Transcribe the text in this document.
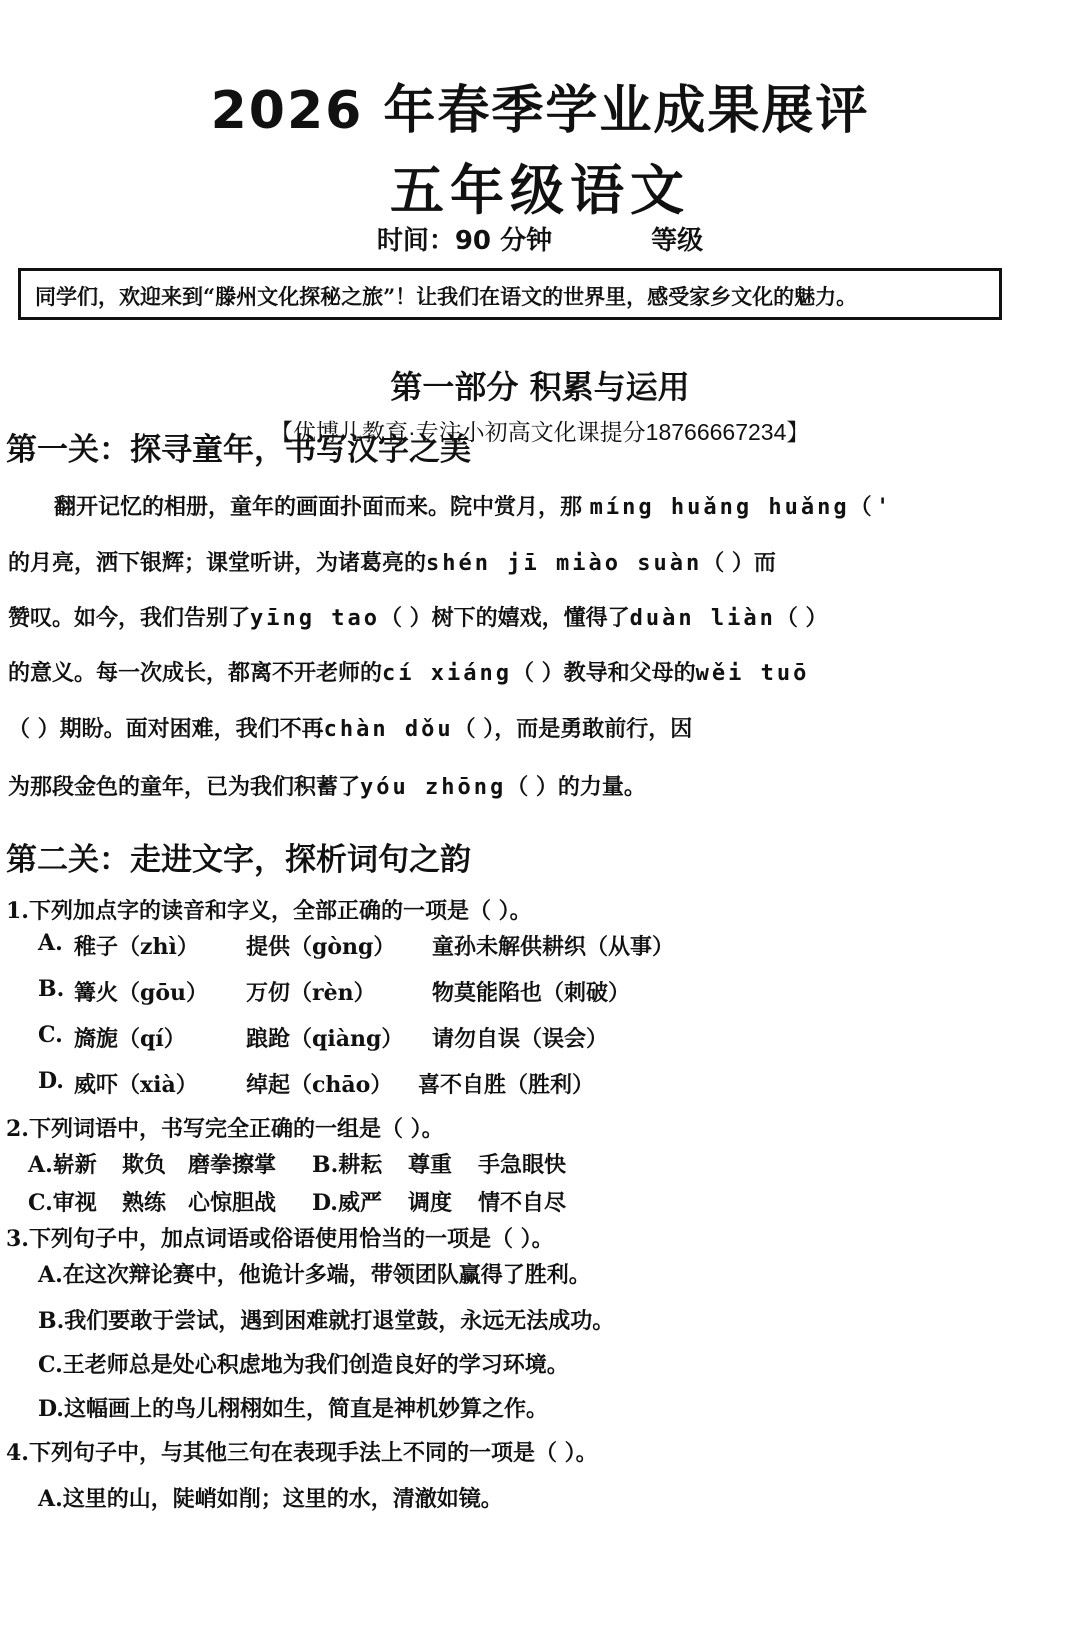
2026 年春季学业成果展评
五年级语文
时间：90 分钟	等级
同学们，欢迎来到“滕州文化探秘之旅”！让我们在语文的世界里，感受家乡文化的魅力。
第一部分 积累与运用
【优博儿教育·专注小初高文化课提分18766667234】
第一关：探寻童年，书写汉字之美
翻开记忆的相册，童年的画面扑面而来。院中赏月，那 míng huǎng huǎng（ '
的月亮，洒下银辉；课堂听讲，为诸葛亮的shén jī miào suàn（ ）而
赞叹。如今，我们告别了yīng tao（ ）树下的嬉戏，懂得了duàn liàn（ ）
的意义。每一次成长，都离不开老师的cí xiáng（ ）教导和父母的wěi tuō
（ ）期盼。面对困难，我们不再chàn dǒu（ ），而是勇敢前行，因
为那段金色的童年，已为我们积蓄了yóu zhōng（ ）的力量。
第二关：走进文字，探析词句之韵
1.下列加点字的读音和字义，全部正确的一项是（ ）。
A. 稚子（zhì） 提供（gòng） 童孙未解供耕织（从事）
B. 篝火（gōu） 万仞（rèn）	物莫能陷也（刺破）
C. 旖旎（qí）	踉跄（qiàng） 请勿自误（误会）
D. 威吓（xià） 绰起（chāo） 喜不自胜（胜利）
2.下列词语中，书写完全正确的一组是（ ）。
A.崭新 欺负 磨拳擦掌 B.耕耘 尊重 手急眼快
C.审视 熟练 心惊胆战 D.威严 调度 情不自尽
3.下列句子中，加点词语或俗语使用恰当的一项是（ ）。
A.在这次辩论赛中，他诡计多端，带领团队赢得了胜利。
B.我们要敢于尝试，遇到困难就打退堂鼓，永远无法成功。
C.王老师总是处心积虑地为我们创造良好的学习环境。
D.这幅画上的鸟儿栩栩如生，简直是神机妙算之作。
4.下列句子中，与其他三句在表现手法上不同的一项是（ ）。
A.这里的山，陡峭如削；这里的水，清澈如镜。
